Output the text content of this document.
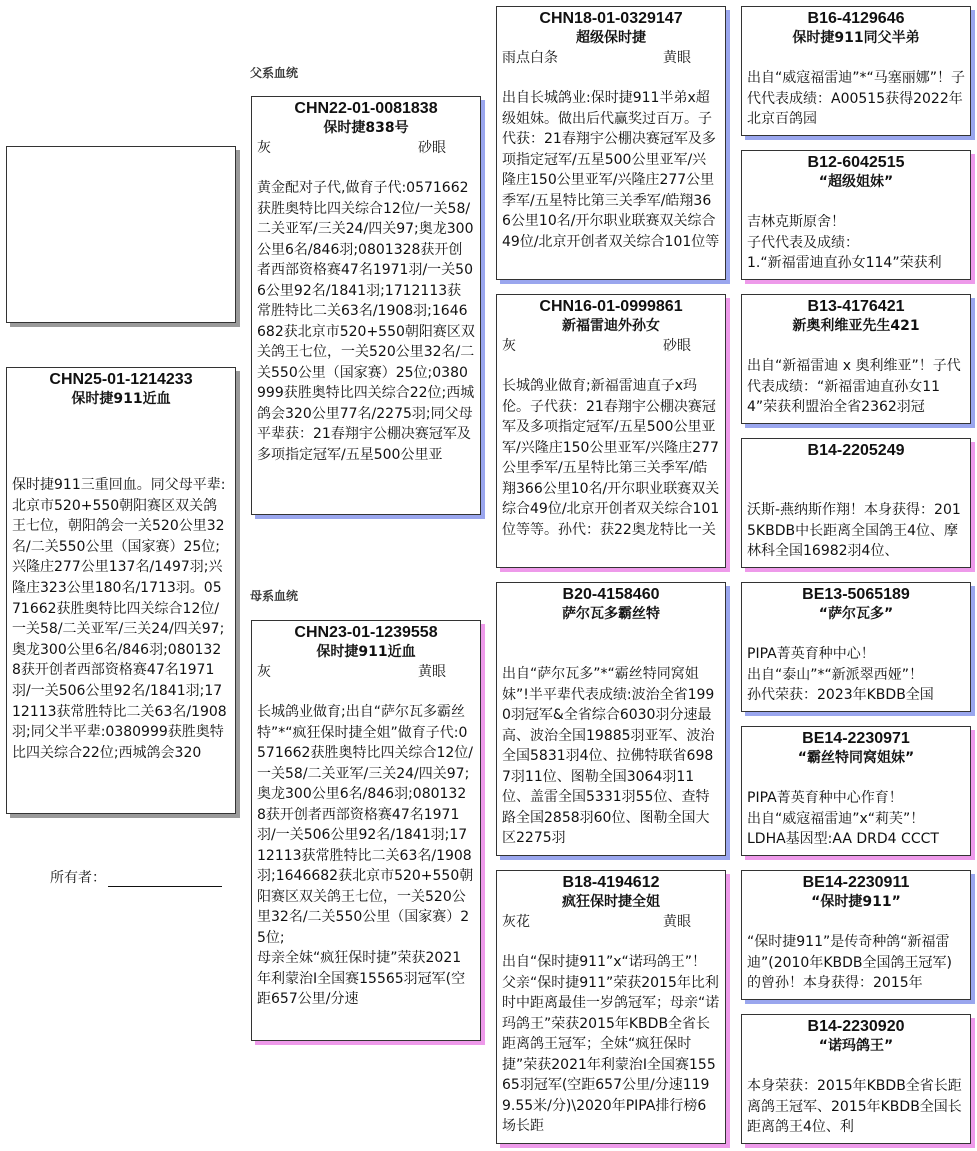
CHN25-01-1214233
保时捷911近血
保时捷911三重回血。同父母平辈:北京市520+550朝阳赛区双关鸽王七位，朝阳鸽会一关520公里32名/二关550公里（国家赛）25位;兴隆庄277公里137名/1497羽;兴隆庄323公里180名/1713羽。0571662获胜奥特比四关综合12位/一关58/二关亚军/三关24/四关97;奥龙300公里6名/846羽;0801328获开创者西部资格赛47名1971羽/一关506公里92名/1841羽;1712113获常胜特比二关63名/1908羽;同父半平辈:0380999获胜奥特比四关综合22位;西城鸽会320
所有者：
父系血统
母系血统
CHN22-01-0081838
保时捷838号
灰	砂眼
黄金配对子代,做育子代:0571662获胜奥特比四关综合12位/一关58/二关亚军/三关24/四关97;奥龙300公里6名/846羽;0801328获开创者西部资格赛47名1971羽/一关506公里92名/1841羽;1712113获常胜特比二关63名/1908羽;1646682获北京市520+550朝阳赛区双关鸽王七位，一关520公里32名/二关550公里（国家赛）25位;0380999获胜奥特比四关综合22位;西城鸽会320公里77名/2275羽;同父母平辈获：21春翔宇公棚决赛冠军及多项指定冠军/五星500公里亚
CHN23-01-1239558
保时捷911近血
灰	黄眼
长城鸽业做育;出自“萨尔瓦多霸丝特”*“疯狂保时捷全姐”做育子代:0571662获胜奥特比四关综合12位/一关58/二关亚军/三关24/四关97;奥龙300公里6名/846羽;0801328获开创者西部资格赛47名1971羽/一关506公里92名/1841羽;1712113获常胜特比二关63名/1908羽;1646682获北京市520+550朝阳赛区双关鸽王七位，一关520公里32名/二关550公里（国家赛）25位;
母亲全妹“疯狂保时捷”荣获2021年利蒙治I全国赛15565羽冠军(空距657公里/分速
CHN18-01-0329147
超级保时捷
雨点白条	黄眼
出自长城鸽业:保时捷911半弟x超级姐妹。做出后代赢奖过百万。子代获：21春翔宇公棚决赛冠军及多项指定冠军/五星500公里亚军/兴隆庄150公里亚军/兴隆庄277公里季军/五星特比第三关季军/皓翔366公里10名/开尔职业联赛双关综合49位/北京开创者双关综合101位等
CHN16-01-0999861
新福雷迪外孙女
灰	砂眼
长城鸽业做育;新福雷迪直子x玛伦。子代获：21春翔宇公棚决赛冠军及多项指定冠军/五星500公里亚军/兴隆庄150公里亚军/兴隆庄277公里季军/五星特比第三关季军/皓翔366公里10名/开尔职业联赛双关综合49位/北京开创者双关综合101位等等。孙代：获22奥龙特比一关
B20-4158460
萨尔瓦多霸丝特
出自“萨尔瓦多”*“霸丝特同窝姐妹”!半平辈代表成绩:波治全省1990羽冠军&全省综合6030羽分速最高、波治全国19885羽亚军、波治全国5831羽4位、拉佛特联省6987羽11位、图勒全国3064羽11位、盖雷全国5331羽55位、查特路全国2858羽60位、图勒全国大区2275羽
B18-4194612
疯狂保时捷全姐
灰花	黄眼
出自“保时捷911”x“诺玛鸽王”！父亲“保时捷911”荣获2015年比利时中距离最佳一岁鸽冠军；母亲“诺玛鸽王”荣获2015年KBDB全省长距离鸽王冠军；全妹“疯狂保时捷”荣获2021年利蒙治I全国赛15565羽冠军(空距657公里/分速1199.55米/分)\2020年PIPA排行榜6场长距
B16-4129646
保时捷911同父半弟
出自“威寇福雷迪”*“马塞丽娜”！子代代表成绩：A00515获得2022年北京百鸽园
B12-6042515
“超级姐妹”
吉林克斯原舍！
子代代表及成绩：
1.“新福雷迪直孙女114”荣获利
B13-4176421
新奥利维亚先生421
出自“新福雷迪 x 奥利维亚”！子代代表成绩：“新福雷迪直孙女114”荣获利盟治全省2362羽冠
B14-2205249
沃斯-燕纳斯作翔！本身获得：2015KBDB中长距离全国鸽王4位、摩林科全国16982羽4位、
BE13-5065189
“萨尔瓦多”
PIPA菁英育种中心！
出自“泰山”*“新派翠西娅”！
孙代荣获：2023年KBDB全国
BE14-2230971
“霸丝特同窝姐妹”
PIPA菁英育种中心作育！
出自“威寇福雷迪”x“莉芙”！
LDHA基因型:AA DRD4 CCCT
BE14-2230911
“保时捷911”
“保时捷911”是传奇种鸽“新福雷迪”(2010年KBDB全国鸽王冠军)的曾孙！本身获得：2015年
B14-2230920
“诺玛鸽王”
本身荣获：2015年KBDB全省长距离鸽王冠军、2015年KBDB全国长距离鸽王4位、利
